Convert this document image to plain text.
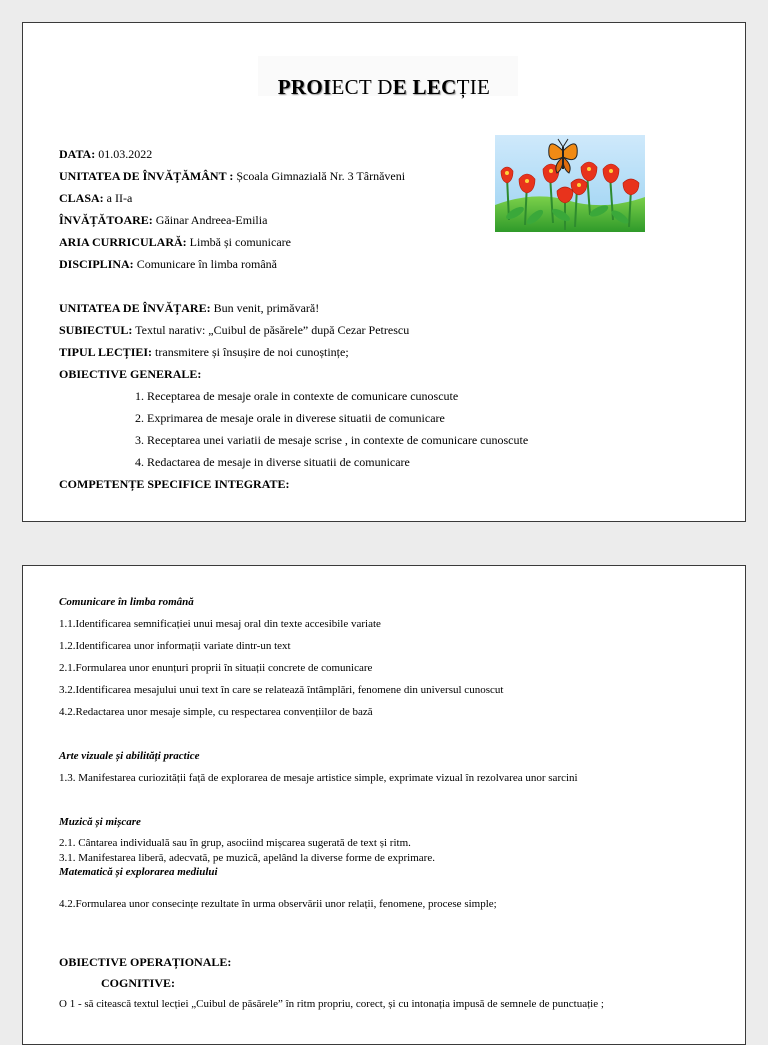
PROIECT DE LECȚIE
DATA: 01.03.2022
UNITATEA DE ÎNVĂȚĂMÂNT : Școala Gimnazială Nr. 3 Târnăveni
CLASA: a II-a
ÎNVĂȚĂTOARE: Găinar Andreea-Emilia
ARIA CURRICULARĂ: Limbă și comunicare
DISCIPLINA: Comunicare în limba română
UNITATEA DE ÎNVĂȚARE: Bun venit, primăvară!
SUBIECTUL: Textul narativ: „Cuibul de păsărele” după Cezar Petrescu
TIPUL LECȚIEI: transmitere și însușire de noi cunoștințe;
OBIECTIVE GENERALE:
1. Receptarea de mesaje orale in contexte de comunicare cunoscute
2. Exprimarea de mesaje orale in diverese situatii de comunicare
3. Receptarea unei variatii de mesaje scrise , in contexte de comunicare cunoscute
4. Redactarea de mesaje in diverse situatii de comunicare
COMPETENȚE SPECIFICE INTEGRATE:
Comunicare în limba română
1.1.Identificarea semnificației unui mesaj oral din texte accesibile variate
1.2.Identificarea unor informații variate dintr-un text
2.1.Formularea unor enunțuri proprii în situații concrete de comunicare
3.2.Identificarea mesajului unui text în care se relatează întâmplări, fenomene din universul cunoscut
4.2.Redactarea unor mesaje simple, cu respectarea convențiilor de bază
Arte vizuale și abilități practice
1.3. Manifestarea curiozității față de explorarea de mesaje artistice simple, exprimate vizual în rezolvarea unor sarcini
Muzică și mișcare
2.1. Cântarea individuală sau în grup, asociind mișcarea sugerată de text și ritm.
3.1. Manifestarea liberă, adecvată, pe muzică, apelând la diverse forme de exprimare.
Matematică și explorarea mediului
4.2.Formularea unor consecințe rezultate în urma observării unor relații, fenomene, procese simple;
OBIECTIVE OPERAȚIONALE:
COGNITIVE:
O 1 - să citească textul lecției „Cuibul de păsărele” în ritm propriu, corect, și cu intonația impusă de semnele de punctuație ;
